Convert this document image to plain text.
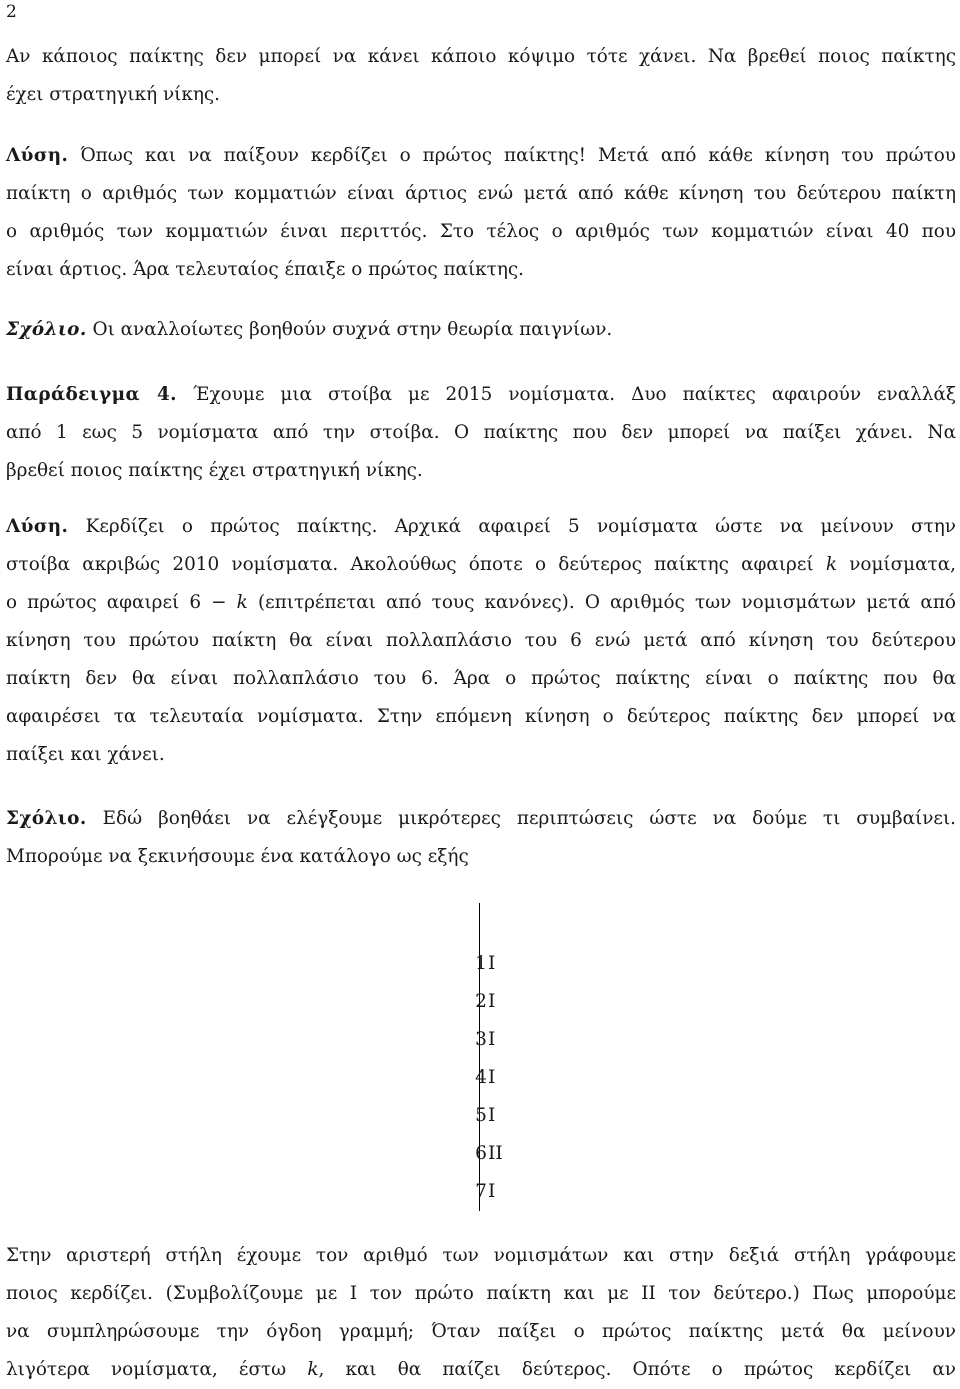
2
Αν κάποιος παίκτης δεν μπορεί να κάνει κάποιο κόψιμο τότε χάνει. Να βρεθεί ποιος παίκτης
έχει στρατηγική νίκης.
Λύση. Όπως και να παίξουν κερδίζει ο πρώτος παίκτης! Μετά από κάθε κίνηση του πρώτου
παίκτη ο αριθμός των κομματιών είναι άρτιος ενώ μετά από κάθε κίνηση του δεύτερου παίκτη
ο αριθμός των κομματιών έιναι περιττός. Στο τέλος ο αριθμός των κομματιών είναι 40 που
είναι άρτιος. Άρα τελευταίος έπαιξε ο πρώτος παίκτης.
Σχόλιο. Οι αναλλοίωτες βοηθούν συχνά στην θεωρία παιγνίων.
Παράδειγμα 4. Έχουμε μια στοίβα με 2015 νομίσματα. Δυο παίκτες αφαιρούν εναλλάξ
από 1 εως 5 νομίσματα από την στοίβα. Ο παίκτης που δεν μπορεί να παίξει χάνει. Να
βρεθεί ποιος παίκτης έχει στρατηγική νίκης.
Λύση. Κερδίζει ο πρώτος παίκτης. Αρχικά αφαιρεί 5 νομίσματα ώστε να μείνουν στην
στοίβα ακριβώς 2010 νομίσματα. Ακολούθως όποτε ο δεύτερος παίκτης αφαιρεί k νομίσματα,
ο πρώτος αφαιρεί 6 − k (επιτρέπεται από τους κανόνες). Ο αριθμός των νομισμάτων μετά από
κίνηση του πρώτου παίκτη θα είναι πολλαπλάσιο του 6 ενώ μετά από κίνηση του δεύτερου
παίκτη δεν θα είναι πολλαπλάσιο του 6. Άρα ο πρώτος παίκτης είναι ο παίκτης που θα
αφαιρέσει τα τελευταία νομίσματα. Στην επόμενη κίνηση ο δεύτερος παίκτης δεν μπορεί να
παίξει και χάνει.
Σχόλιο. Εδώ βοηθάει να ελέγξουμε μικρότερες περιπτώσεις ώστε να δούμε τι συμβαίνει.
Μπορούμε να ξεκινήσουμε ένα κατάλογο ως εξής
1 I
2 I
3 I
4 I
5 I
6 II
7 I
Στην αριστερή στήλη έχουμε τον αριθμό των νομισμάτων και στην δεξιά στήλη γράφουμε
ποιος κερδίζει. (Συμβολίζουμε με I τον πρώτο παίκτη και με II τον δεύτερο.) Πως μπορούμε
να συμπληρώσουμε την όγδοη γραμμή; Όταν παίξει ο πρώτος παίκτης μετά θα μείνουν
λιγότερα νομίσματα, έστω k, και θα παίζει δεύτερος. Οπότε ο πρώτος κερδίζει αν
